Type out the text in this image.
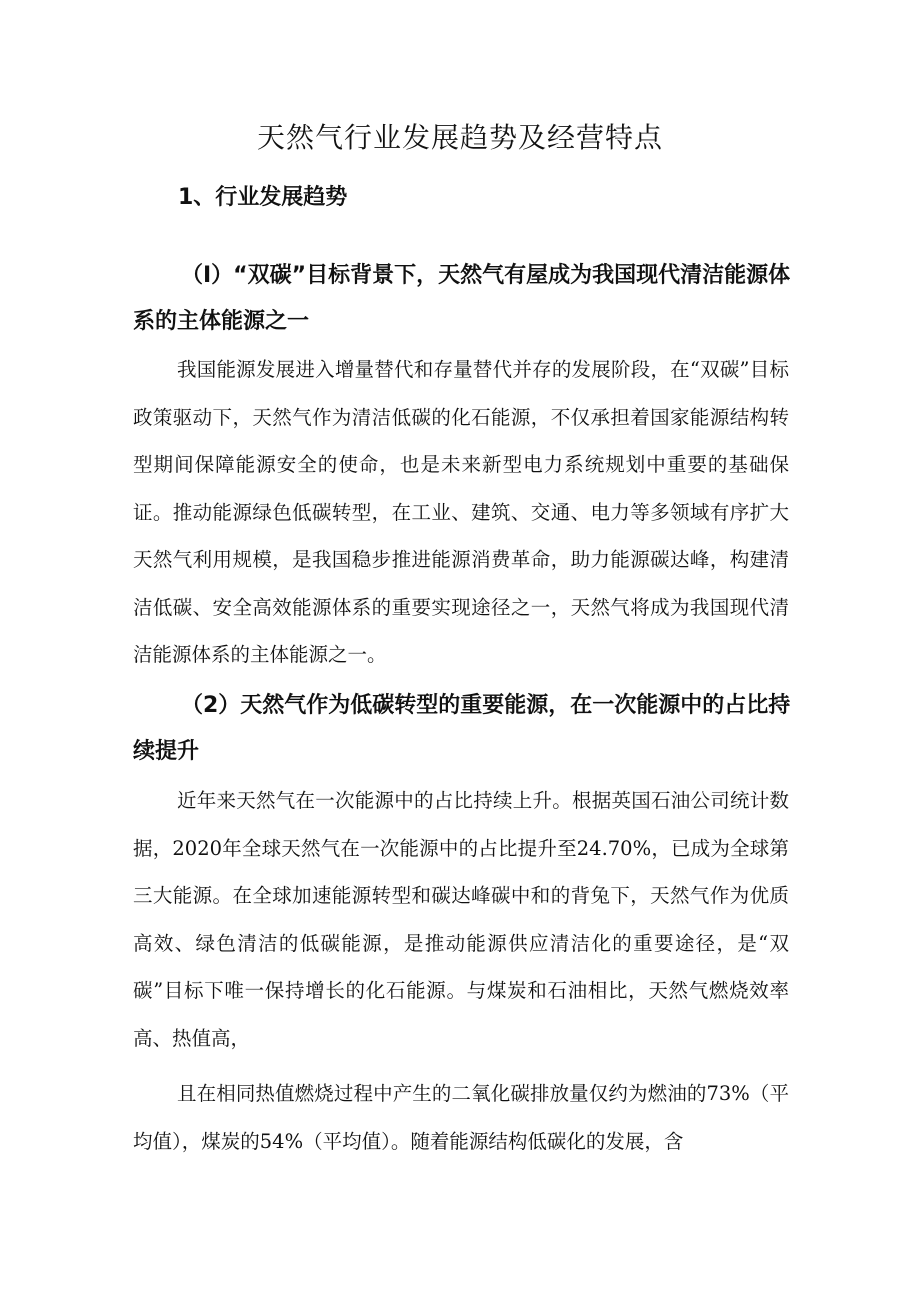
天然气行业发展趋势及经营特点
1、行业发展趋势
（I）“双碳”目标背景下，天然气有屋成为我国现代清洁能源体系的主体能源之一
我国能源发展进入增量替代和存量替代并存的发展阶段，在“双碳”目标政策驱动下，天然气作为清洁低碳的化石能源，不仅承担着国家能源结构转型期间保障能源安全的使命，也是未来新型电力系统规划中重要的基础保证。推动能源绿色低碳转型，在工业、建筑、交通、电力等多领域有序扩大天然气利用规模，是我国稳步推进能源消费革命，助力能源碳达峰，构建清洁低碳、安全高效能源体系的重要实现途径之一，天然气将成为我国现代清洁能源体系的主体能源之一。
（2）天然气作为低碳转型的重要能源，在一次能源中的占比持续提升
近年来天然气在一次能源中的占比持续上升。根据英国石油公司统计数据，2020年全球天然气在一次能源中的占比提升至24.70%，已成为全球第三大能源。在全球加速能源转型和碳达峰碳中和的背兔下，天然气作为优质高效、绿色清洁的低碳能源，是推动能源供应清洁化的重要途径，是“双碳”目标下唯一保持增长的化石能源。与煤炭和石油相比，天然气燃烧效率高、热值高，
且在相同热值燃烧过程中产生的二氧化碳排放量仅约为燃油的73%（平均值），煤炭的54%（平均值）。随着能源结构低碳化的发展，含
